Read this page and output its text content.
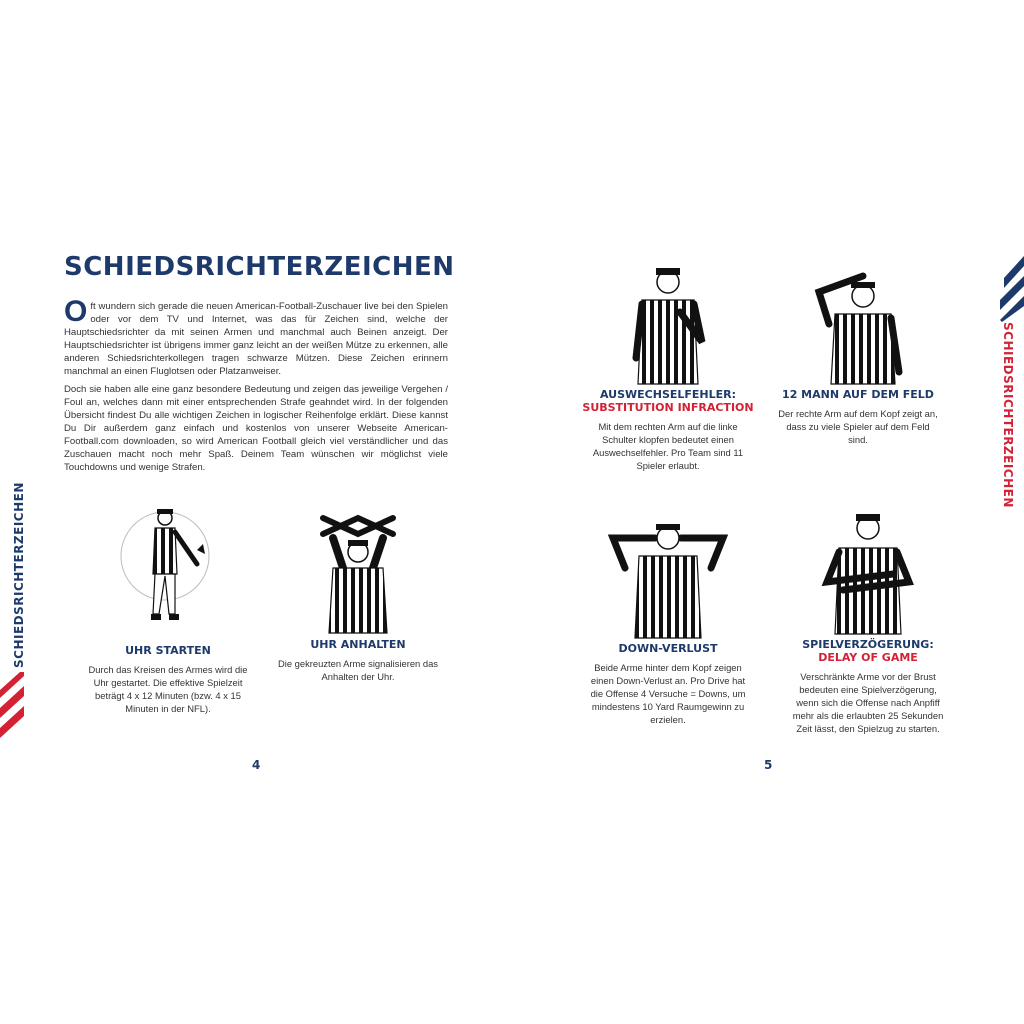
SCHIEDSRICHTERZEICHEN

O ft wundern sich gerade die neuen American-Football-Zuschauer live bei den Spielen oder vor dem TV und Internet, was das für Zeichen sind, welche der Hauptschiedsrichter da mit seinen Armen und manchmal auch Beinen anzeigt. Der Hauptschiedsrichter ist übrigens immer ganz leicht an der weißen Mütze zu erkennen, alle anderen Schiedsrichterkollegen tragen schwarze Mützen. Diese Zeichen erinnern manchmal an einen Fluglotsen oder Platzanweiser.

Doch sie haben alle eine ganz besondere Bedeutung und zeigen das jeweilige Vergehen / Foul an, welches dann mit einer entsprechenden Strafe geahndet wird. In der folgenden Übersicht findest Du alle wichtigen Zeichen in logischer Reihenfolge erklärt. Diese kannst Du Dir außerdem ganz einfach und kostenlos von unserer Webseite American-Football.com downloaden, so wird American Football gleich viel verständlicher und das Zuschauen macht noch mehr Spaß. Deinem Team wünschen wir möglichst viele Touchdowns und wenige Strafen.

UHR STARTEN

Durch das Kreisen des Armes wird die Uhr gestartet. Die effektive Spielzeit beträgt 4 x 12 Minuten (bzw. 4 x 15 Minuten in der NFL).

UHR ANHALTEN

Die gekreuzten Arme signalisieren das Anhalten der Uhr.

4

AUSWECHSELFEHLER:

SUBSTITUTION INFRACTION

Mit dem rechten Arm auf die linke Schulter klopfen bedeutet einen Auswechselfehler. Pro Team sind 11 Spieler erlaubt.

12 MANN AUF DEM FELD

Der rechte Arm auf dem Kopf zeigt an, dass zu viele Spieler auf dem Feld sind.

DOWN-VERLUST

Beide Arme hinter dem Kopf zeigen einen Down-Verlust an. Pro Drive hat die Offense 4 Versuche = Downs, um mindestens 10 Yard Raumgewinn zu erzielen.

SPIELVERZÖGERUNG:

DELAY OF GAME

Verschränkte Arme vor der Brust bedeuten eine Spielverzögerung, wenn sich die Offense nach Anpfiff mehr als die erlaubten 25 Sekunden Zeit lässt, den Spielzug zu starten.

5
SCHIEDSRICHTERZEICHEN
SCHIEDSRICHTERZEICHEN
